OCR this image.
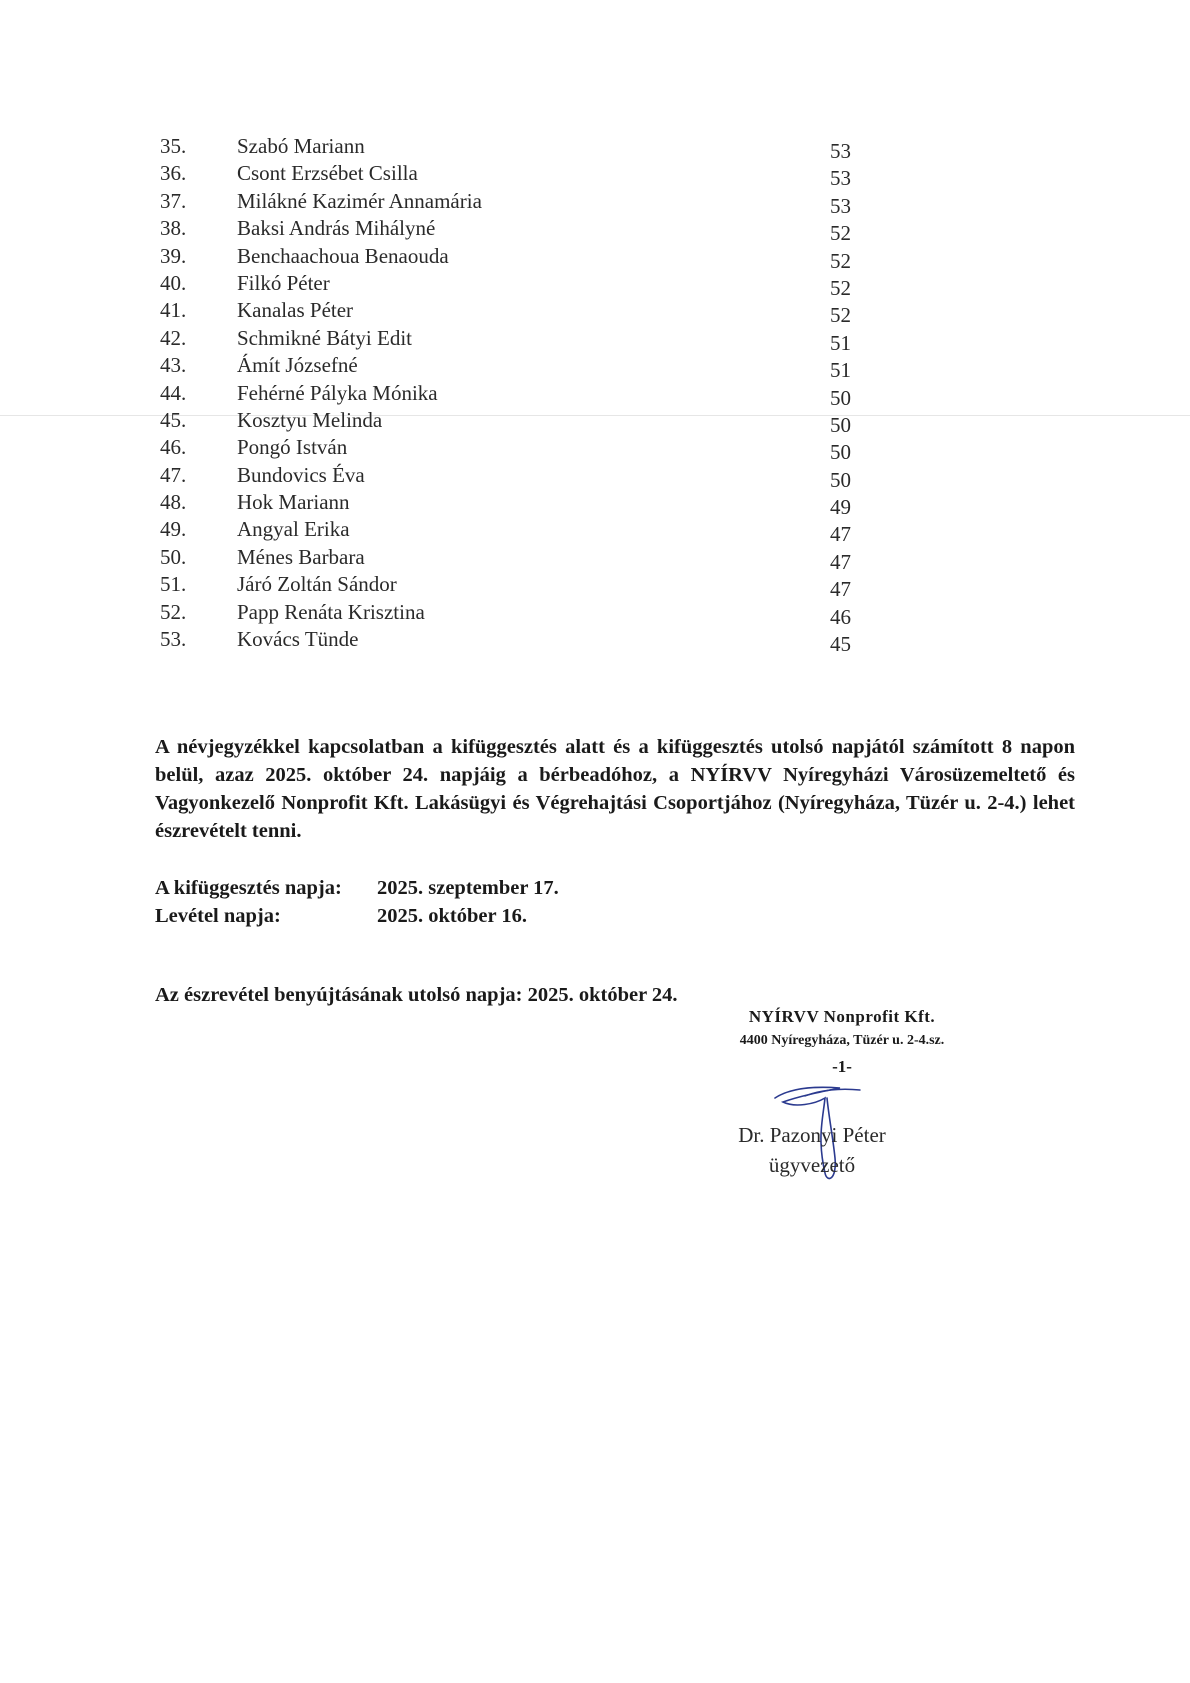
35. Szabó Mariann	53
36. Csont Erzsébet Csilla	53
37. Milákné Kazimér Annamária	53
38. Baksi András Mihályné	52
39. Benchaachoua Benaouda	52
40. Filkó Péter	52
41. Kanalas Péter	52
42. Schmikné Bátyi Edit	51
43. Ámít Józsefné	51
44. Fehérné Pályka Mónika	50
45. Kosztyu Melinda	50
46. Pongó István	50
47. Bundovics Éva	50
48. Hok Mariann	49
49. Angyal Erika	47
50. Ménes Barbara	47
51. Járó Zoltán Sándor	47
52. Papp Renáta Krisztina	46
53. Kovács Tünde	45

A névjegyzékkel kapcsolatban a kifüggesztés alatt és a kifüggesztés utolsó napjától számított 8 napon belül, azaz 2025. október 24. napjáig a bérbeadóhoz, a NYÍRVV Nyíregyházi Városüzemeltető és Vagyonkezelő Nonprofit Kft. Lakásügyi és Végrehajtási Csoportjához (Nyíregyháza, Tüzér u. 2-4.) lehet észrevételt tenni.

A kifüggesztés napja: 2025. szeptember 17.
Levétel napja:	2025. október 16.
Az észrevétel benyújtásának utolsó napja: 2025. október 24.
NYÍRVV Nonprofit Kft.
4400 Nyíregyháza, Tüzér u. 2-4.sz.
-1-
Dr. Pazonyi Péter
ügyvezető
